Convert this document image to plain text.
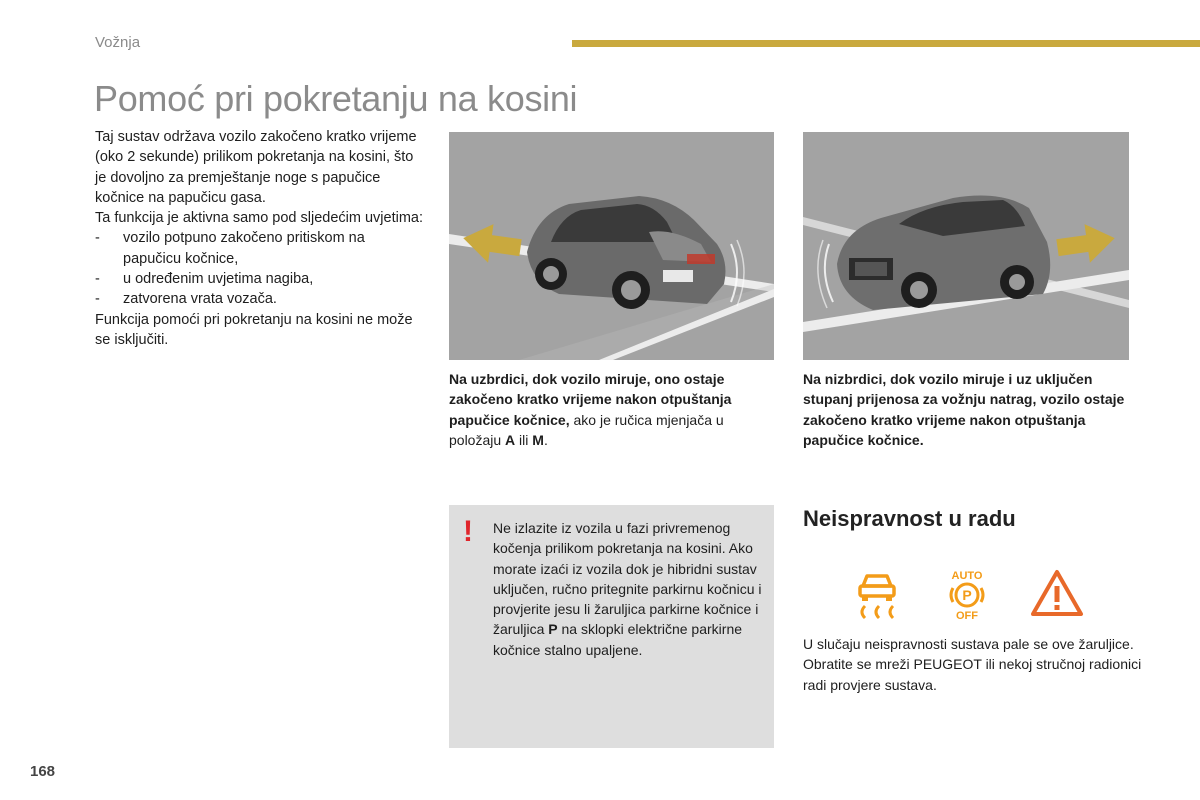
Vožnja
Pomoć pri pokretanju na kosini

Taj sustav održava vozilo zakočeno kratko vrijeme (oko 2 sekunde) prilikom pokretanja na kosini, što je dovoljno za premještanje noge s papučice kočnice na papučicu gasa.

Ta funkcija je aktivna samo pod sljedećim uvjetima:

- vozilo potpuno zakočeno pritiskom na papučicu kočnice,

- u određenim uvjetima nagiba,

- zatvorena vrata vozača.

Funkcija pomoći pri pokretanju na kosini ne može se isključiti.

Na uzbrdici, dok vozilo miruje, ono ostaje zakočeno kratko vrijeme nakon otpuštanja papučice kočnice, ako je ručica mjenjača u položaju A ili M.
Na nizbrdici, dok vozilo miruje i uz uključen stupanj prijenosa za vožnju natrag, vozilo ostaje zakočeno kratko vrijeme nakon otpuštanja papučice kočnice.
! Ne izlazite iz vozila u fazi privremenog kočenja prilikom pokretanja na kosini. Ako morate izaći iz vozila dok je hibridni sustav uključen, ručno pritegnite parkirnu kočnicu i provjerite jesu li žaruljica parkirne kočnice i žaruljica P na sklopki električne parkirne kočnice stalno upaljene.
Neispravnost u radu
AUTO
P
OFF
U slučaju neispravnosti sustava pale se ove žaruljice. Obratite se mreži PEUGEOT ili nekoj stručnoj radionici radi provjere sustava.
168
